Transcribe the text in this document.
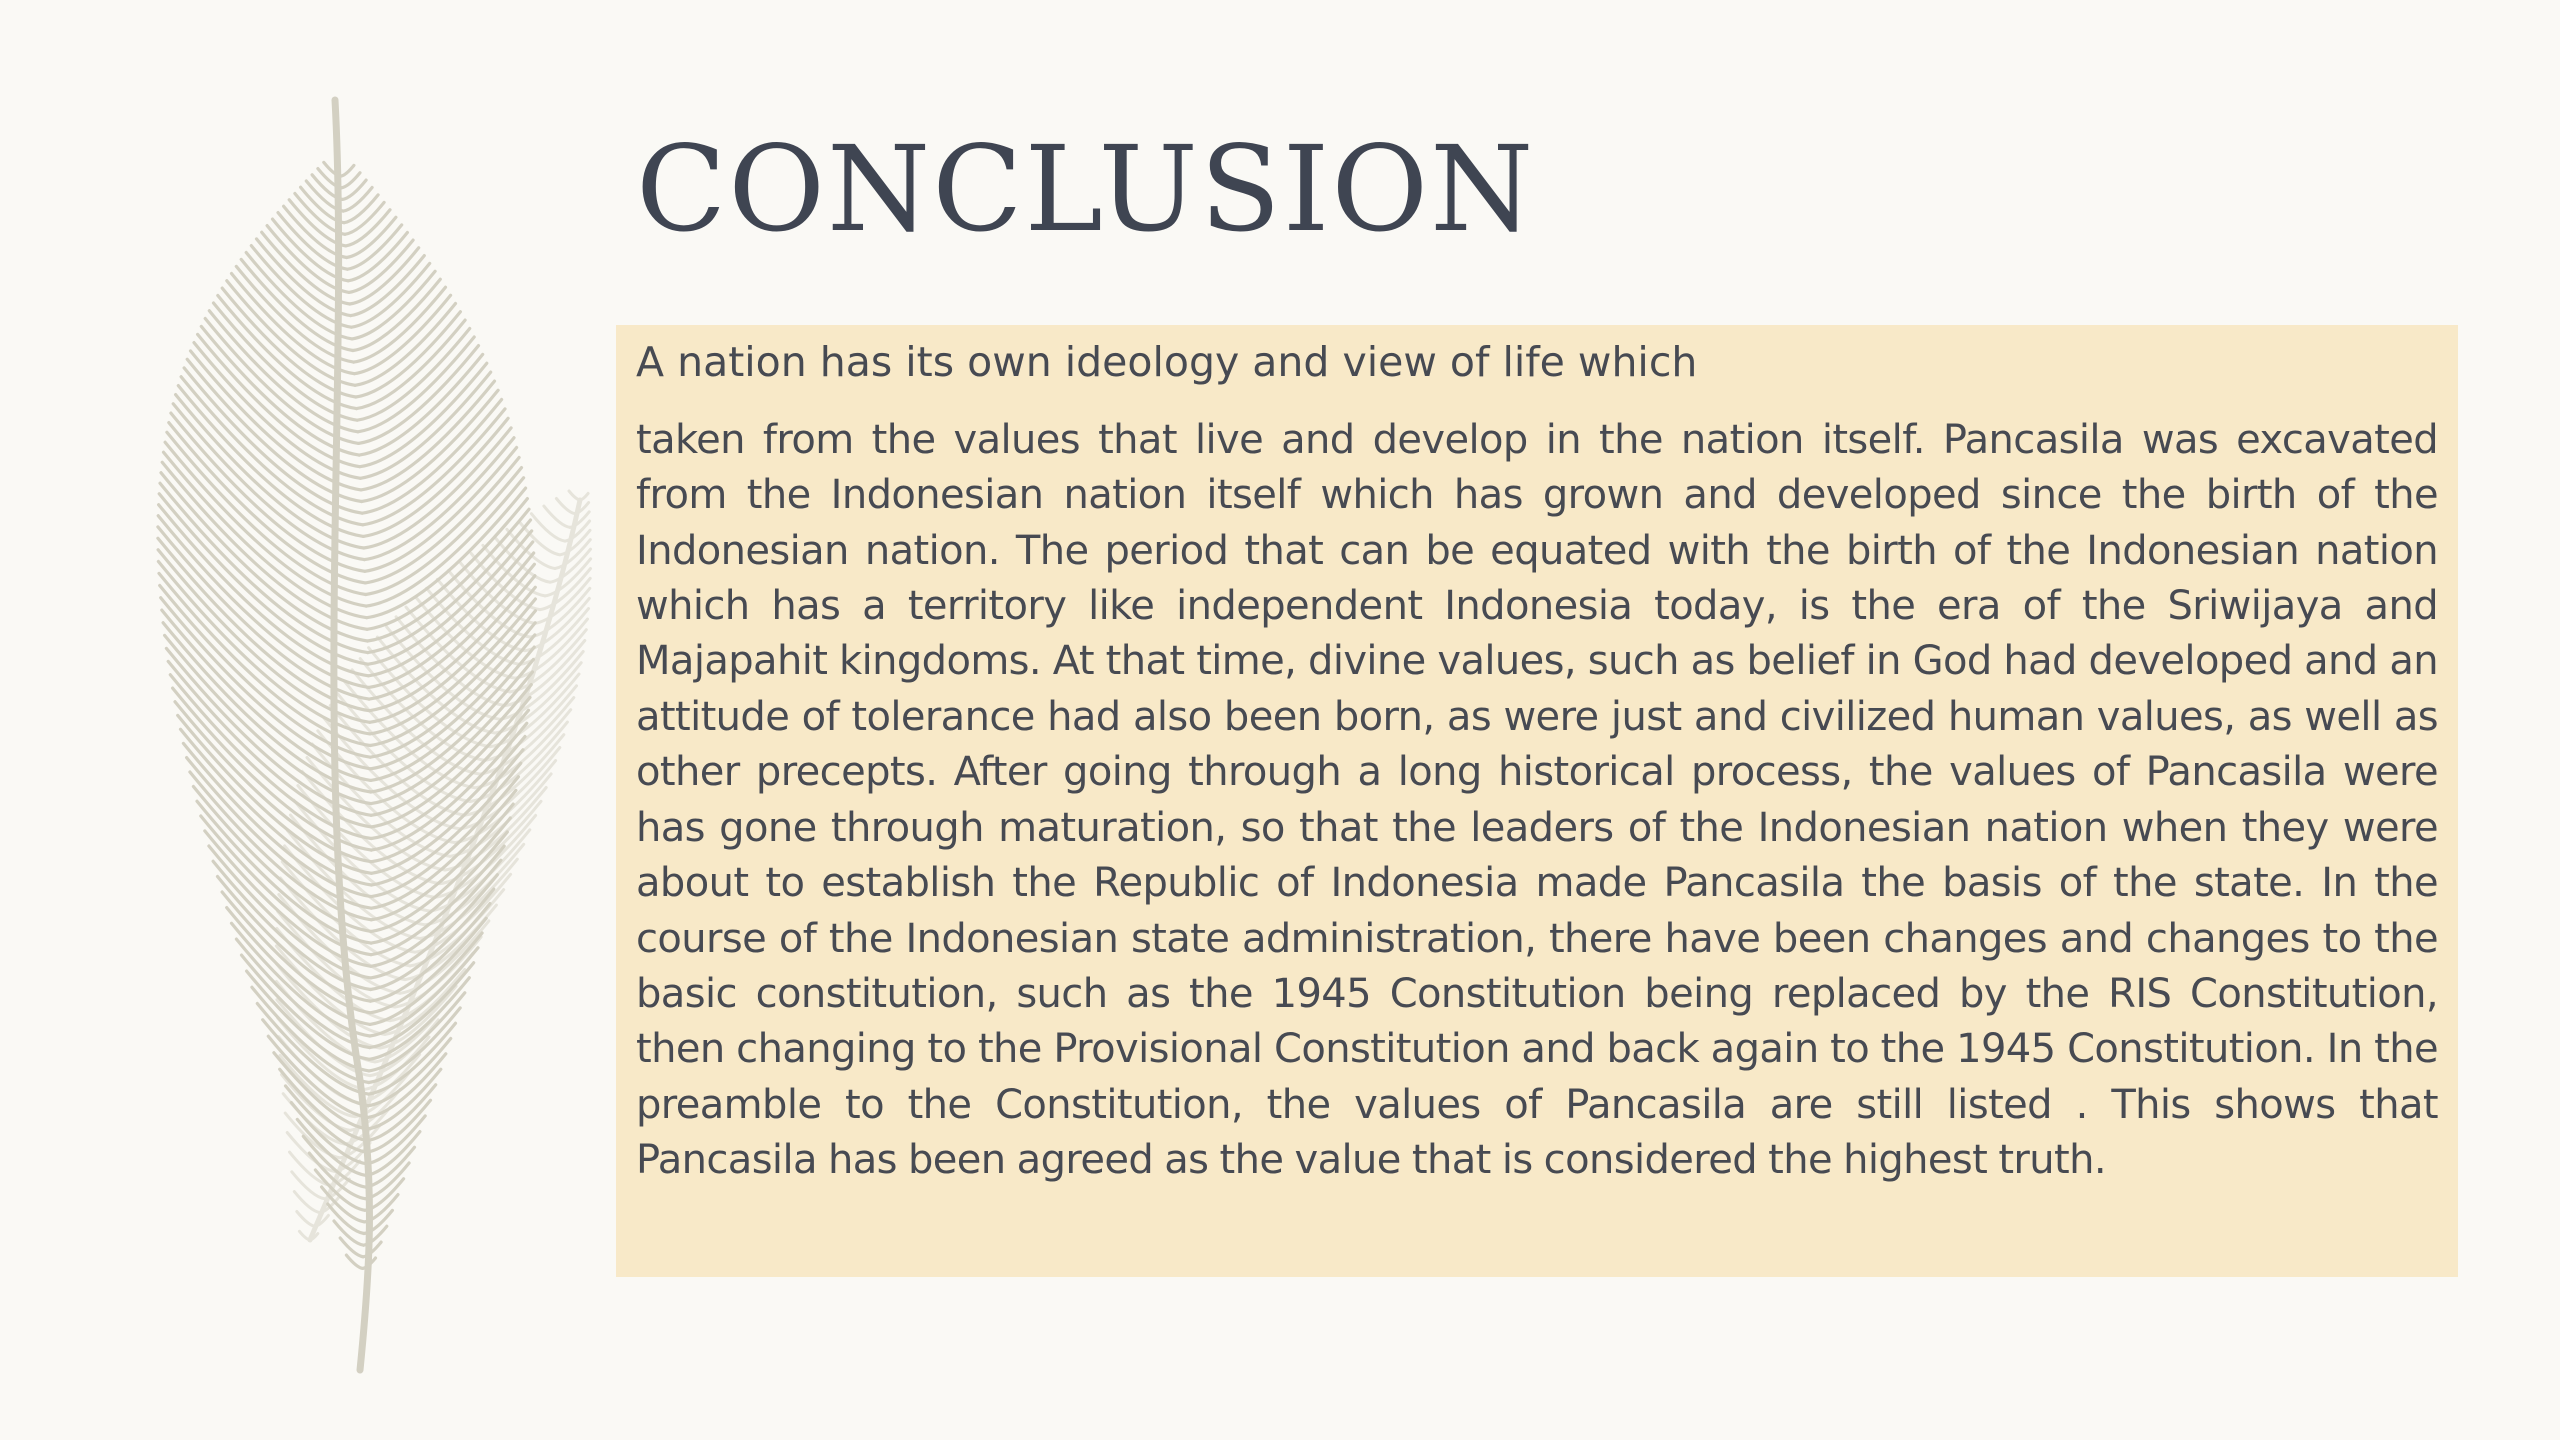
CONCLUSION

A nation has its own ideology and view of life which

taken from the values that live and develop in the nation itself. Pancasila was excavated from the Indonesian nation itself which has grown and developed since the birth of the Indonesian nation. The period that can be equated with the birth of the Indonesian nation which has a territory like independent Indonesia today, is the era of the Sriwijaya and Majapahit kingdoms. At that time, divine values, such as belief in God had developed and an attitude of tolerance had also been born, as were just and civilized human values, as well as other precepts. After going through a long historical process, the values of Pancasila were has gone through maturation, so that the leaders of the Indonesian nation when they were about to establish the Republic of Indonesia made Pancasila the basis of the state. In the course of the Indonesian state administration, there have been changes and changes to the basic constitution, such as the 1945 Constitution being replaced by the RIS Constitution, then changing to the Provisional Constitution and back again to the 1945 Constitution. In the preamble to the Constitution, the values of Pancasila are still listed . This shows that Pancasila has been agreed as the value that is considered the highest truth.
